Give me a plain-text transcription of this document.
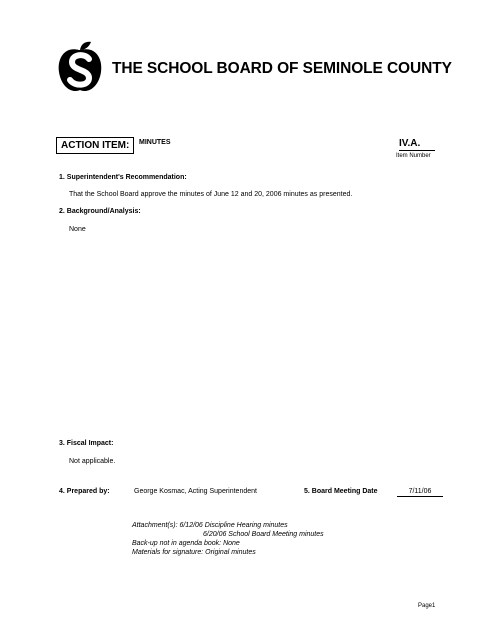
THE SCHOOL BOARD OF SEMINOLE COUNTY
ACTION ITEM:	MINUTES	IV.A.
Item Number
1. Superintendent's Recommendation:
That the School Board approve the minutes of June 12 and 20, 2006 minutes as presented.
2. Background/Analysis:
None
3. Fiscal Impact:
Not applicable.
4. Prepared by:	George Kosmac, Acting Superintendent	5. Board Meeting Date	7/11/06
Attachment(s): 6/12/06 Discipline Hearing minutes
6/20/06 School Board Meeting minutes
Back-up not in agenda book: None
Materials for signature: Original minutes
Page1
